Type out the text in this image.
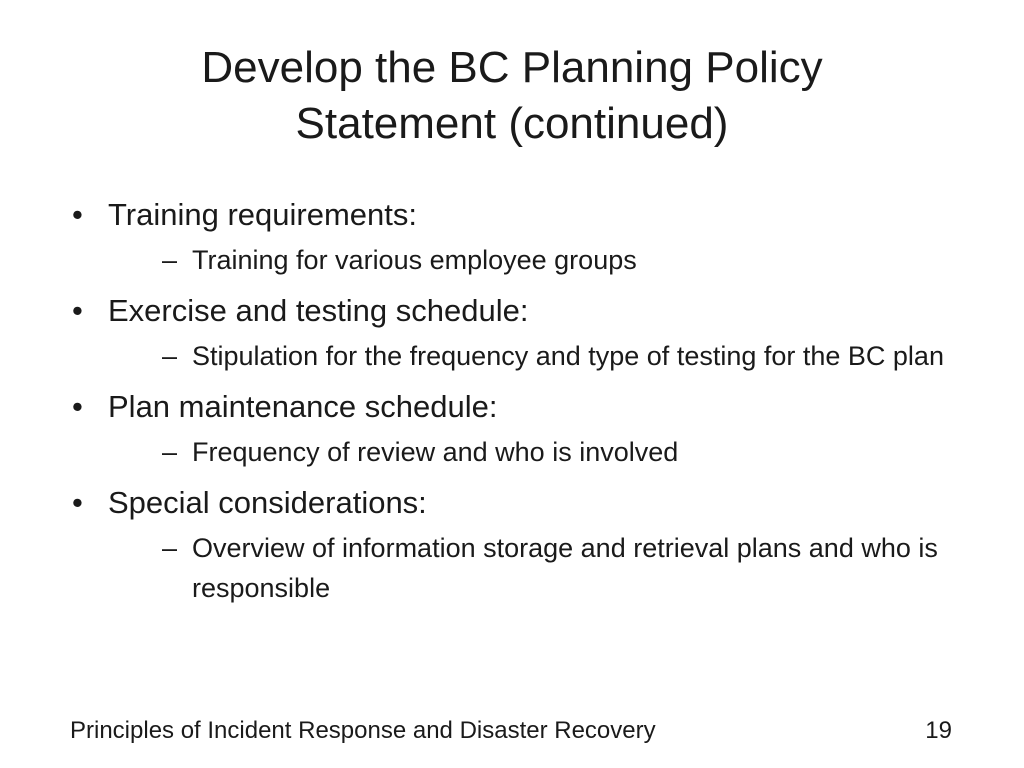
Develop the BC Planning Policy
Statement (continued)
• Training requirements:
– Training for various employee groups
• Exercise and testing schedule:
– Stipulation for the frequency and type of testing for the BC plan
• Plan maintenance schedule:
– Frequency of review and who is involved
• Special considerations:
– Overview of information storage and retrieval plans and who is responsible
Principles of Incident Response and Disaster Recovery	19
